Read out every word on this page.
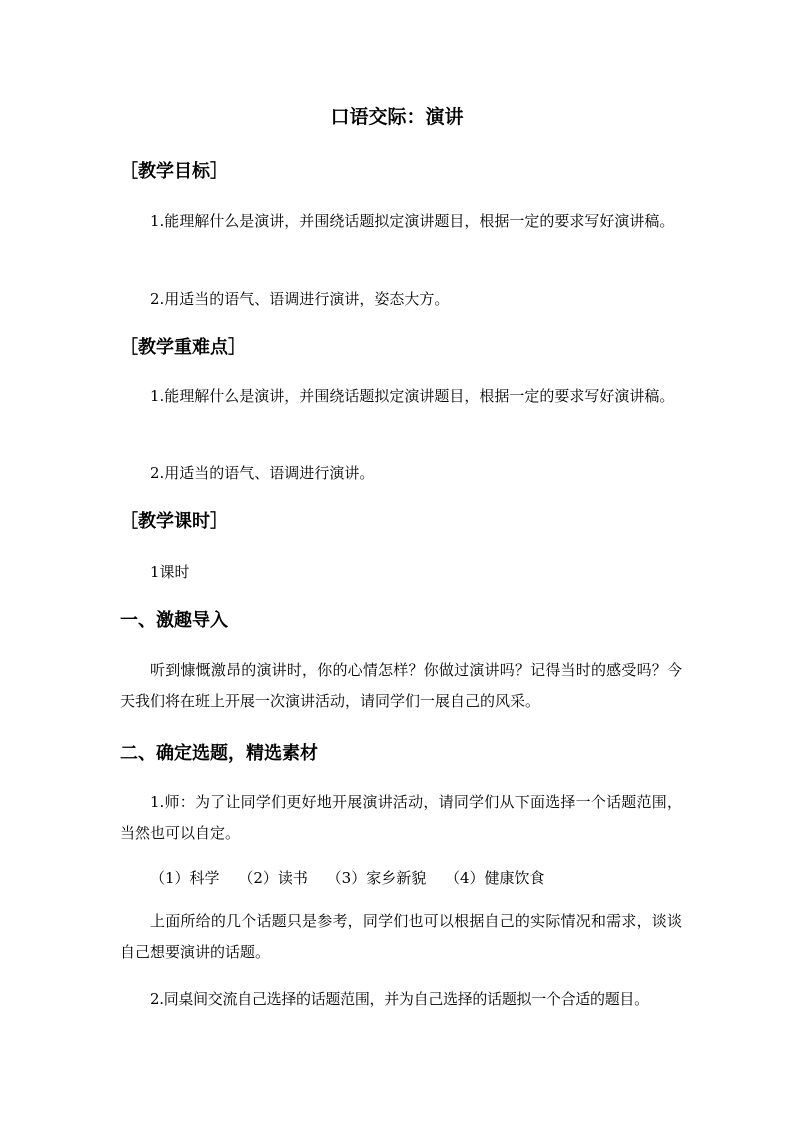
口语交际：演讲
［教学目标］

1.能理解什么是演讲，并围绕话题拟定演讲题目，根据一定的要求写好演讲稿。

2.用适当的语气、语调进行演讲，姿态大方。

［教学重难点］

1.能理解什么是演讲，并围绕话题拟定演讲题目，根据一定的要求写好演讲稿。

2.用适当的语气、语调进行演讲。

［教学课时］

1课时

一、激趣导入

听到慷慨激昂的演讲时，你的心情怎样？你做过演讲吗？记得当时的感受吗？今天我们将在班上开展一次演讲活动，请同学们一展自己的风采。

二、确定选题，精选素材

1.师：为了让同学们更好地开展演讲活动，请同学们从下面选择一个话题范围，当然也可以自定。

（1）科学 （2）读书 （3）家乡新貌 （4）健康饮食

上面所给的几个话题只是参考，同学们也可以根据自己的实际情况和需求，谈谈自己想要演讲的话题。

2.同桌间交流自己选择的话题范围，并为自己选择的话题拟一个合适的题目。
